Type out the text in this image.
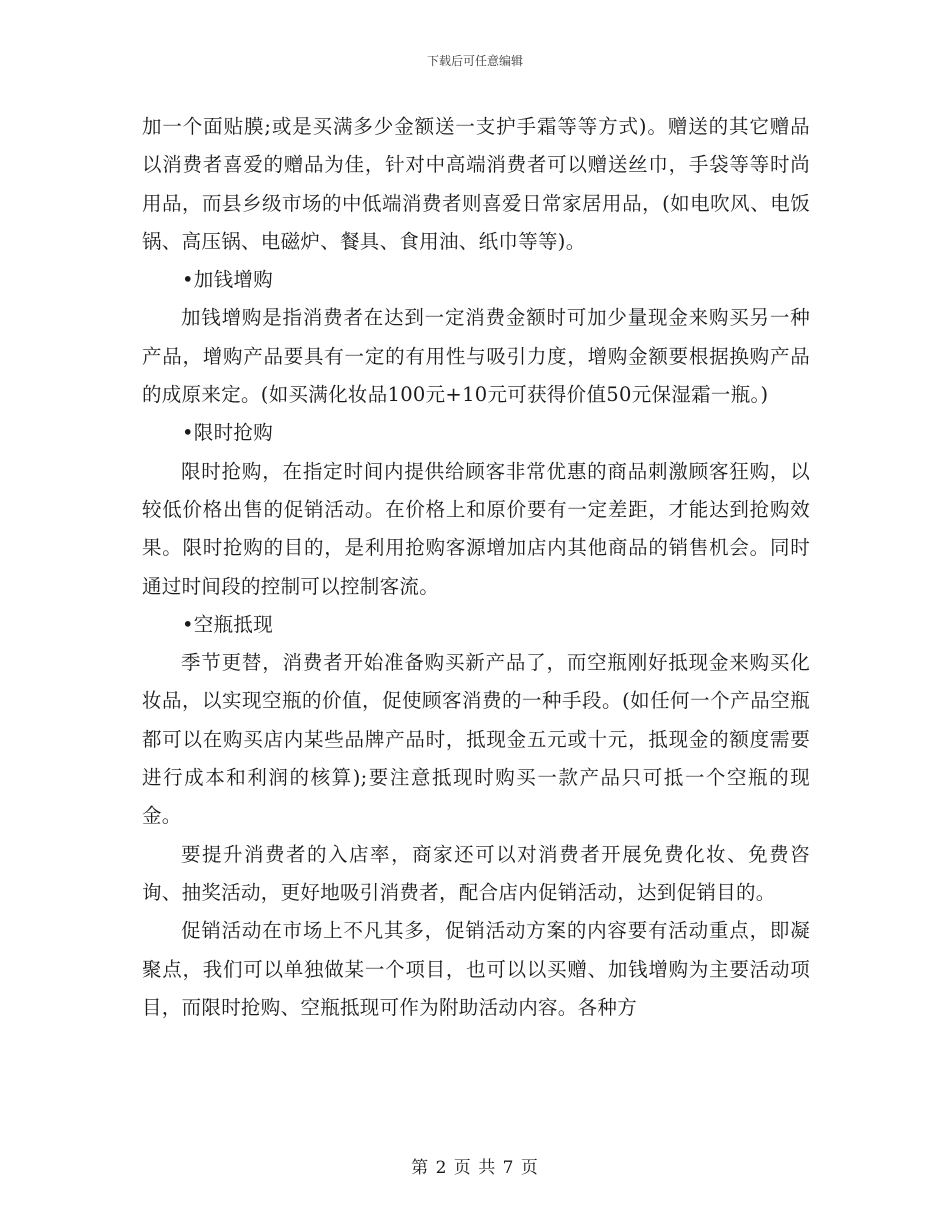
下载后可任意编辑

加一个面贴膜;或是买满多少金额送一支护手霜等等方式)。赠送的其它赠品以消费者喜爱的赠品为佳，针对中高端消费者可以赠送丝巾，手袋等等时尚用品，而县乡级市场的中低端消费者则喜爱日常家居用品，(如电吹风、电饭锅、高压锅、电磁炉、餐具、食用油、纸巾等等)。

•加钱增购

加钱增购是指消费者在达到一定消费金额时可加少量现金来购买另一种产品，增购产品要具有一定的有用性与吸引力度，增购金额要根据换购产品的成原来定。(如买满化妆品100元+10元可获得价值50元保湿霜一瓶。)

•限时抢购

限时抢购，在指定时间内提供给顾客非常优惠的商品刺激顾客狂购，以较低价格出售的促销活动。在价格上和原价要有一定差距，才能达到抢购效果。限时抢购的目的，是利用抢购客源增加店内其他商品的销售机会。同时通过时间段的控制可以控制客流。

•空瓶抵现

季节更替，消费者开始准备购买新产品了，而空瓶刚好抵现金来购买化妆品，以实现空瓶的价值，促使顾客消费的一种手段。(如任何一个产品空瓶都可以在购买店内某些品牌产品时，抵现金五元或十元，抵现金的额度需要进行成本和利润的核算);要注意抵现时购买一款产品只可抵一个空瓶的现金。

要提升消费者的入店率，商家还可以对消费者开展免费化妆、免费咨询、抽奖活动，更好地吸引消费者，配合店内促销活动，达到促销目的。

促销活动在市场上不凡其多，促销活动方案的内容要有活动重点，即凝聚点，我们可以单独做某一个项目，也可以以买赠、加钱增购为主要活动项目，而限时抢购、空瓶抵现可作为附助活动内容。各种方

第 2 页 共 7 页
